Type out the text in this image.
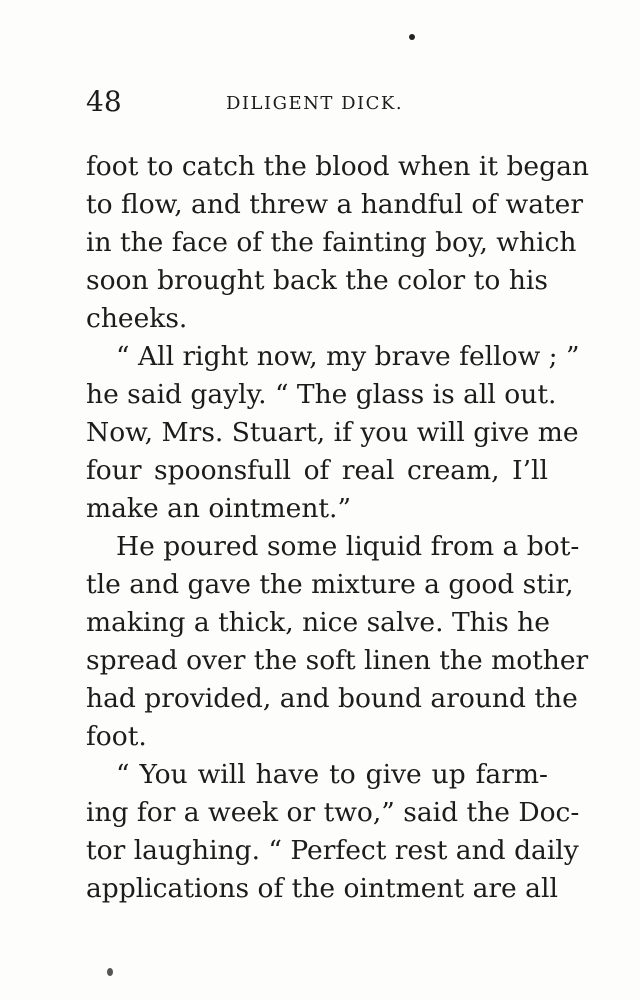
48	DILIGENT DICK.
foot to catch the blood when it began
to flow, and threw a handful of water
in the face of the fainting boy, which
soon brought back the color to his
cheeks.
“ All right now, my brave fellow ; ”
he said gayly. “ The glass is all out.
Now, Mrs. Stuart, if you will give me
four spoonsfull of real cream, I’ll
make an ointment.”
He poured some liquid from a bot-
tle and gave the mixture a good stir,
making a thick, nice salve. This he
spread over the soft linen the mother
had provided, and bound around the
foot.
“ You will have to give up farm-
ing for a week or two,” said the Doc-
tor laughing. “ Perfect rest and daily
applications of the ointment are all
